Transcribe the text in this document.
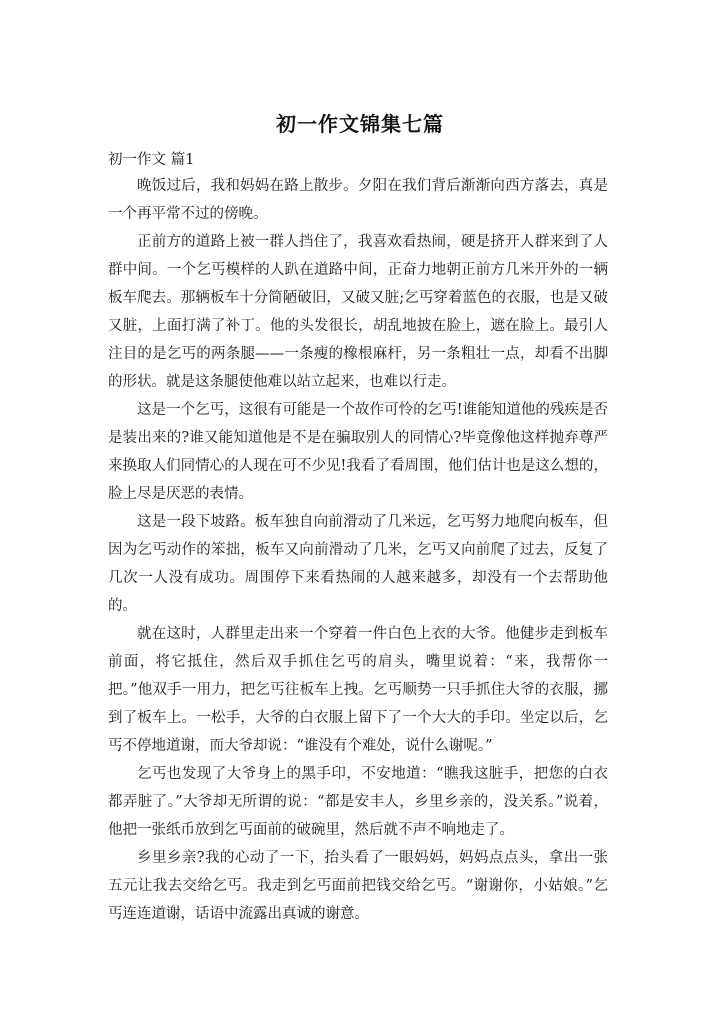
初一作文锦集七篇

初一作文 篇1

晚饭过后，我和妈妈在路上散步。夕阳在我们背后渐渐向西方落去，真是一个再平常不过的傍晚。

正前方的道路上被一群人挡住了，我喜欢看热闹，硬是挤开人群来到了人群中间。一个乞丐模样的人趴在道路中间，正奋力地朝正前方几米开外的一辆板车爬去。那辆板车十分简陋破旧，又破又脏;乞丐穿着蓝色的衣服，也是又破又脏，上面打满了补丁。他的头发很长，胡乱地披在脸上，遮在脸上。最引人注目的是乞丐的两条腿——一条瘦的橡根麻杆，另一条粗壮一点，却看不出脚的形状。就是这条腿使他难以站立起来，也难以行走。

这是一个乞丐，这很有可能是一个故作可怜的乞丐!谁能知道他的残疾是否是装出来的?谁又能知道他是不是在骗取别人的同情心?毕竟像他这样抛弃尊严来换取人们同情心的人现在可不少见!我看了看周围，他们估计也是这么想的，脸上尽是厌恶的表情。

这是一段下坡路。板车独自向前滑动了几米远，乞丐努力地爬向板车，但因为乞丐动作的笨拙，板车又向前滑动了几米，乞丐又向前爬了过去，反复了几次一人没有成功。周围停下来看热闹的人越来越多，却没有一个去帮助他的。

就在这时，人群里走出来一个穿着一件白色上衣的大爷。他健步走到板车前面，将它抵住，然后双手抓住乞丐的肩头，嘴里说着：“来，我帮你一把。”他双手一用力，把乞丐往板车上拽。乞丐顺势一只手抓住大爷的衣服，挪到了板车上。一松手，大爷的白衣服上留下了一个大大的手印。坐定以后，乞丐不停地道谢，而大爷却说：“谁没有个难处，说什么谢呢。”

乞丐也发现了大爷身上的黑手印，不安地道：“瞧我这脏手，把您的白衣都弄脏了。”大爷却无所谓的说：“都是安丰人，乡里乡亲的，没关系。”说着，他把一张纸币放到乞丐面前的破碗里，然后就不声不响地走了。

乡里乡亲?我的心动了一下，抬头看了一眼妈妈，妈妈点点头，拿出一张五元让我去交给乞丐。我走到乞丐面前把钱交给乞丐。“谢谢你，小姑娘。”乞丐连连道谢，话语中流露出真诚的谢意。
